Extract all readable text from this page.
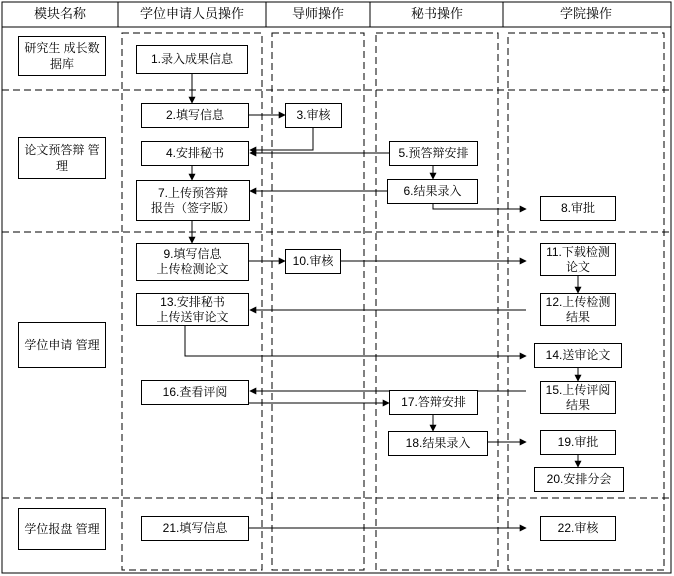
模块名称	学位申请人员操作	导师操作	秘书操作	学院操作
研究生 成长数据库
论文预答辩 管理
学位申请 管理
学位报盘 管理
1.录入成果信息
2.填写信息	3.审核
4.安排秘书	5.预答辩安排
6.结果录入
7.上传预答辩
报告（签字版）	8.审批
9.填写信息
上传检测论文
10.审核
11.下载检测
论文
12.上传检测
结果
13.安排秘书
上传送审论文
14.送审论文
15.上传评阅
结果
16.查看评阅
17.答辩安排
18.结果录入	19.审批
20.安排分会
21.填写信息	22.审核
